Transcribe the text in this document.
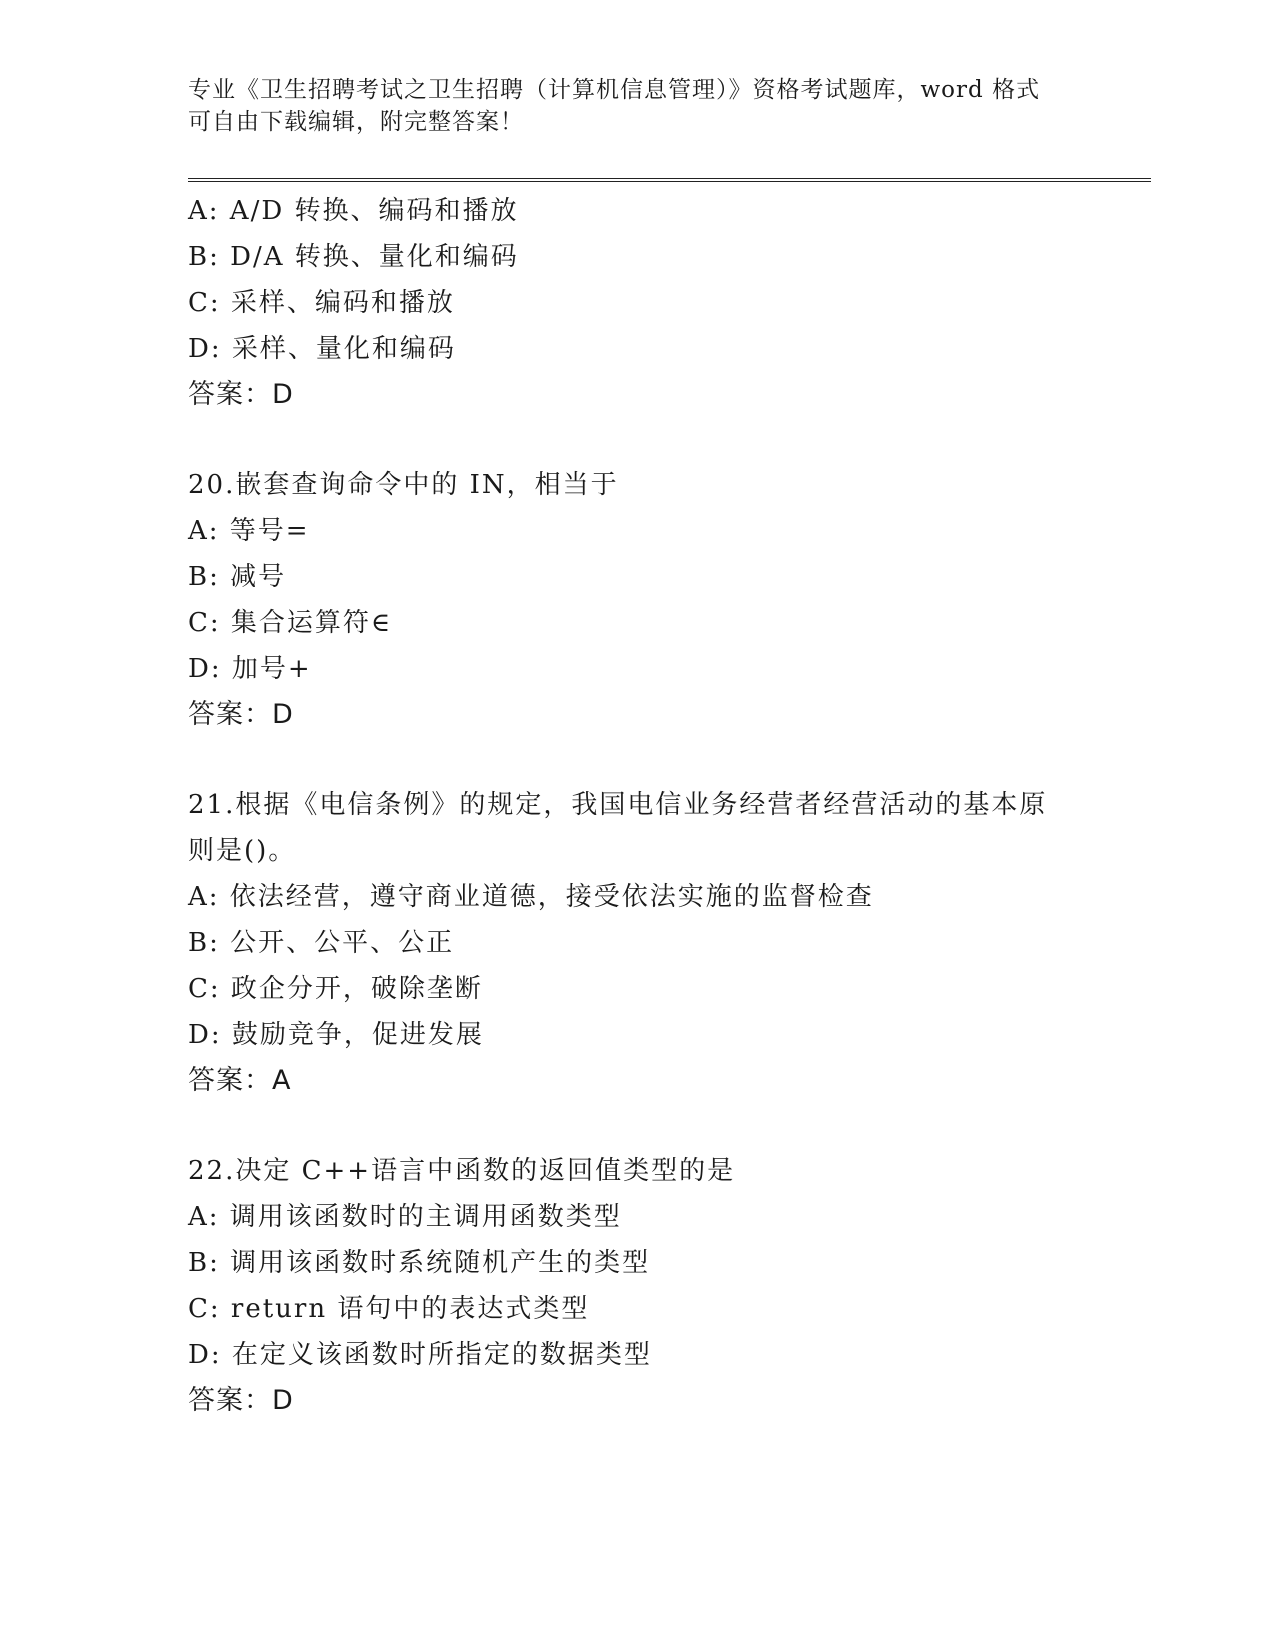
专业《卫生招聘考试之卫生招聘（计算机信息管理）》资格考试题库，word 格式
可自由下载编辑，附完整答案！
A: A/D 转换、编码和播放
B: D/A 转换、量化和编码
C: 采样、编码和播放
D: 采样、量化和编码
答案：D
20.嵌套查询命令中的 IN，相当于
A: 等号=
B: 减号
C: 集合运算符∈
D: 加号+
答案：D
21.根据《电信条例》的规定，我国电信业务经营者经营活动的基本原
则是()。
A: 依法经营，遵守商业道德，接受依法实施的监督检查
B: 公开、公平、公正
C: 政企分开，破除垄断
D: 鼓励竞争，促进发展
答案：A
22.决定 C++语言中函数的返回值类型的是
A: 调用该函数时的主调用函数类型
B: 调用该函数时系统随机产生的类型
C: return 语句中的表达式类型
D: 在定义该函数时所指定的数据类型
答案：D
